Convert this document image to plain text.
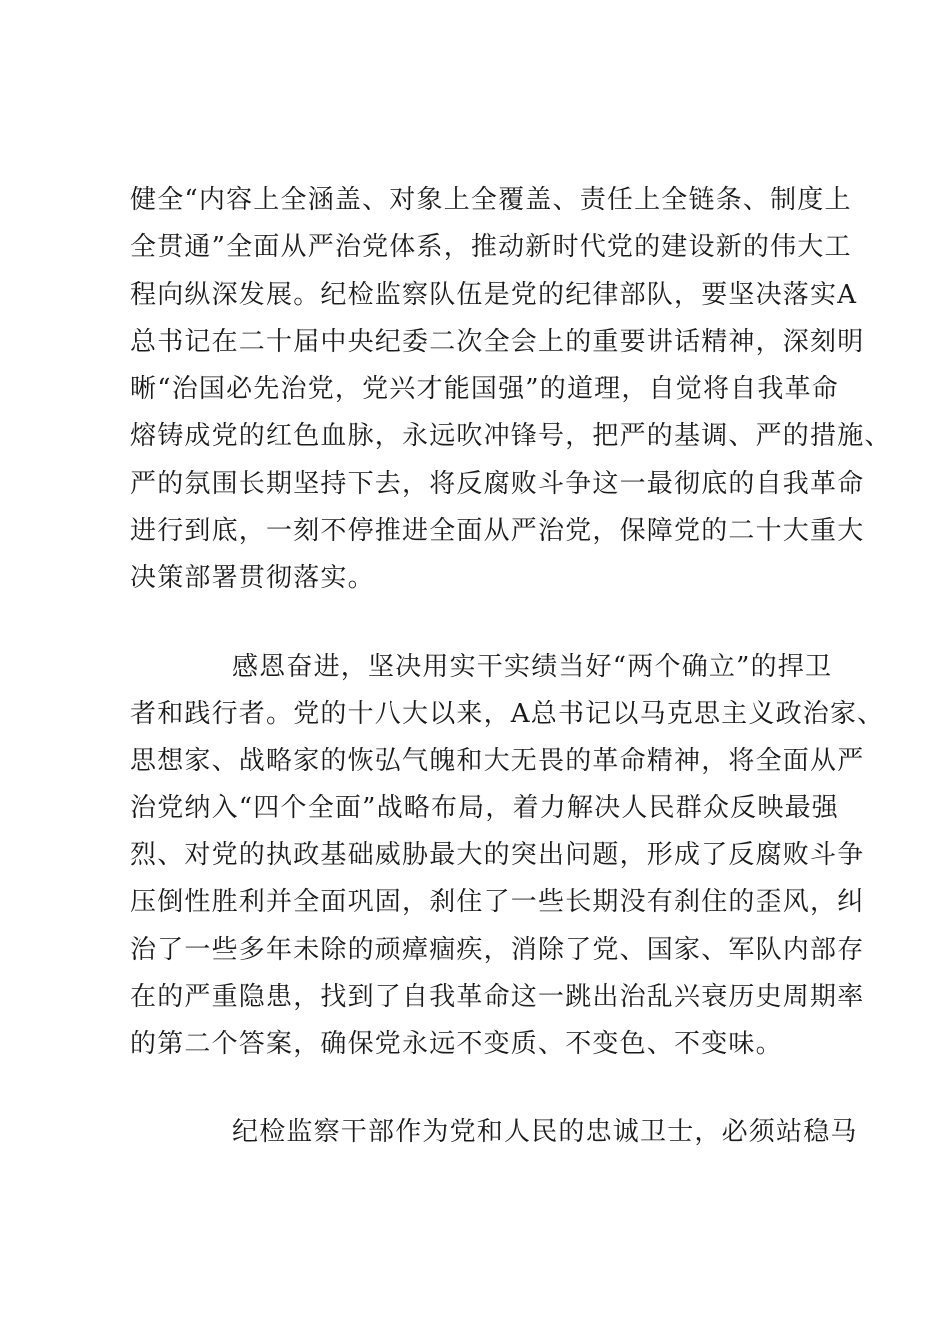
健全“内容上全涵盖、对象上全覆盖、责任上全链条、制度上
全贯通”全面从严治党体系，推动新时代党的建设新的伟大工
程向纵深发展。纪检监察队伍是党的纪律部队，要坚决落实A
总书记在二十届中央纪委二次全会上的重要讲话精神，深刻明
晰“治国必先治党，党兴才能国强”的道理，自觉将自我革命
熔铸成党的红色血脉，永远吹冲锋号，把严的基调、严的措施、
严的氛围长期坚持下去，将反腐败斗争这一最彻底的自我革命
进行到底，一刻不停推进全面从严治党，保障党的二十大重大
决策部署贯彻落实。
感恩奋进，坚决用实干实绩当好“两个确立”的捍卫
者和践行者。党的十八大以来，A总书记以马克思主义政治家、
思想家、战略家的恢弘气魄和大无畏的革命精神，将全面从严
治党纳入“四个全面”战略布局，着力解决人民群众反映最强
烈、对党的执政基础威胁最大的突出问题，形成了反腐败斗争
压倒性胜利并全面巩固，刹住了一些长期没有刹住的歪风，纠
治了一些多年未除的顽瘴痼疾，消除了党、国家、军队内部存
在的严重隐患，找到了自我革命这一跳出治乱兴衰历史周期率
的第二个答案，确保党永远不变质、不变色、不变味。
纪检监察干部作为党和人民的忠诚卫士，必须站稳马
